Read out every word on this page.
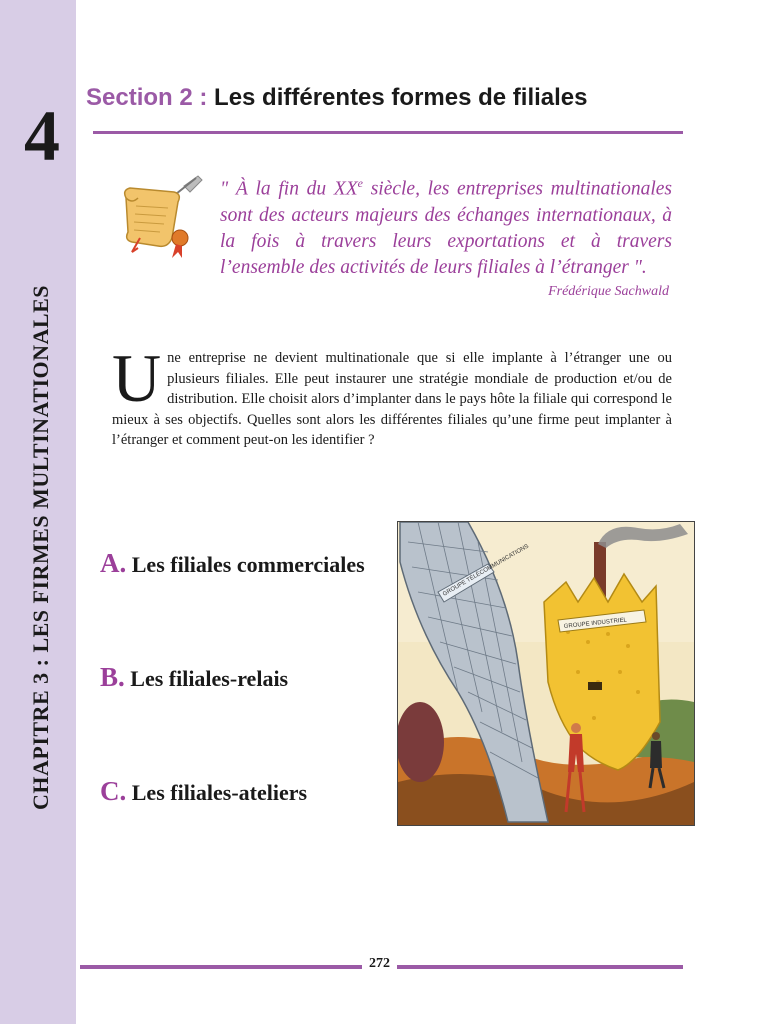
4
CHAPITRE 3 : LES FIRMES MULTINATIONALES
Section 2 : Les différentes formes de filiales
" À la fin du XXe siècle, les entreprises multinationales sont des acteurs majeurs des échanges internationaux, à la fois à travers leurs exportations et à travers l’ensemble des activités de leurs filiales à l’étranger ".
Frédérique Sachwald
Une entreprise ne devient multinationale que si elle implante à l’étranger une ou plusieurs filiales. Elle peut instaurer une stratégie mondiale de production et/ou de distribution. Elle choisit alors d’implanter dans le pays hôte la filiale qui correspond le mieux à ses objectifs. Quelles sont alors les différentes filiales qu’une firme peut implanter à l’étranger et comment peut-on les identifier ?
A. Les filiales commerciales
B. Les filiales-relais
C. Les filiales-ateliers
GROUPE TÉLÉCOMMUNICATIONS
GROUPE INDUSTRIEL
272
